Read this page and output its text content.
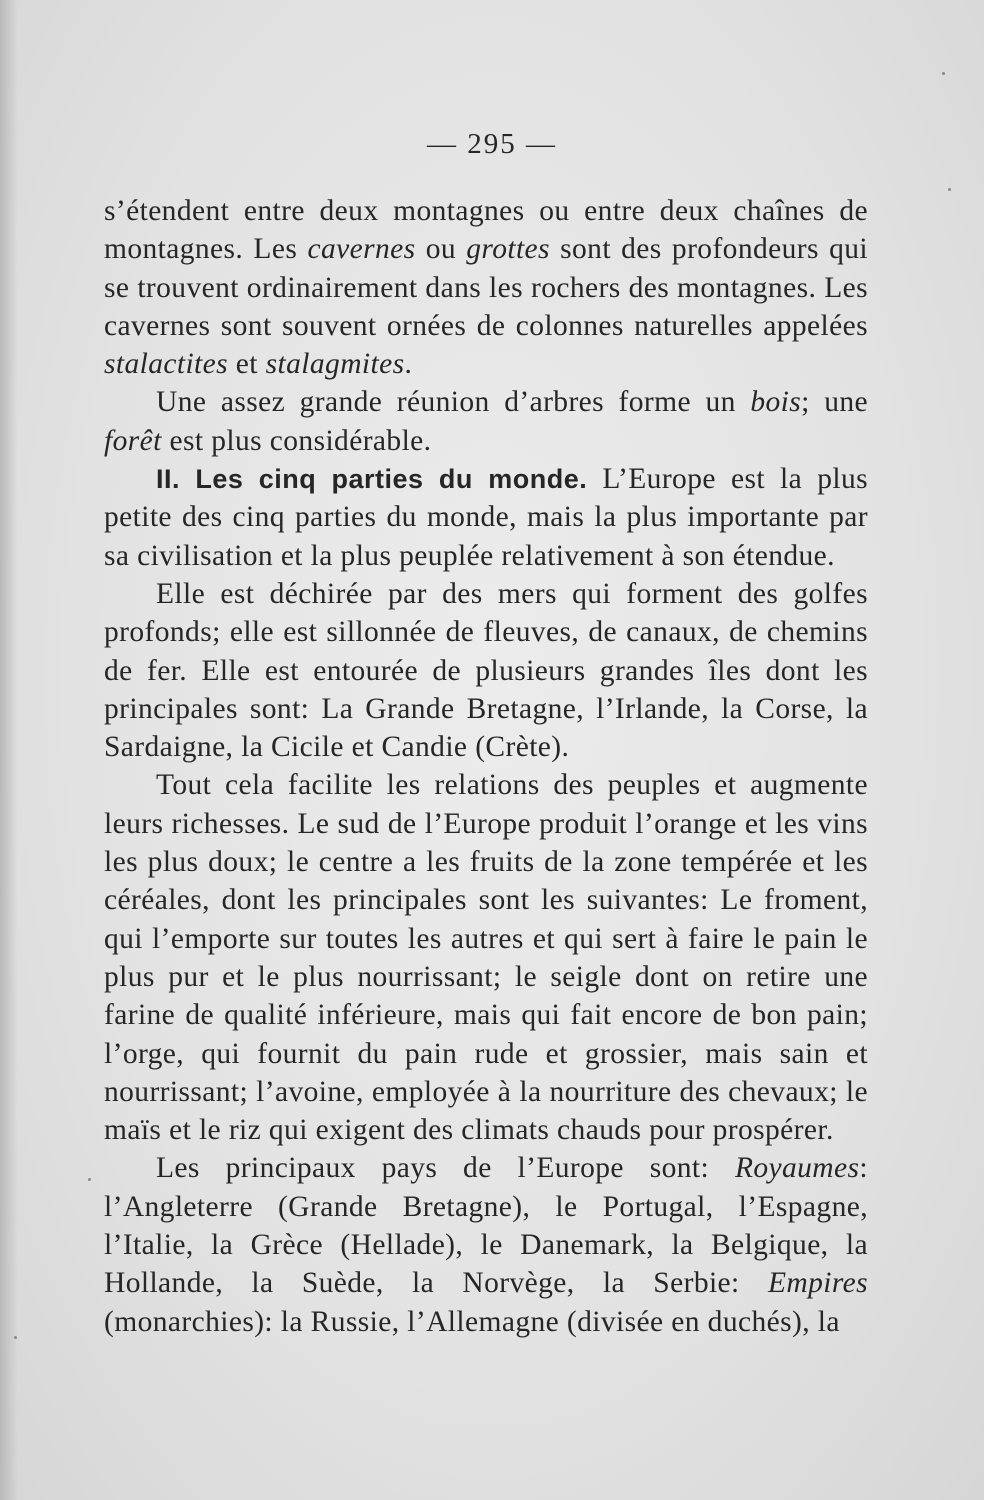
— 295 —

s’étendent entre deux montagnes ou entre deux chaînes de montagnes. Les cavernes ou grottes sont des profondeurs qui se trouvent ordinairement dans les rochers des montagnes. Les cavernes sont souvent ornées de colonnes naturelles appelées stalactites et stalagmites.

Une assez grande réunion d’arbres forme un bois; une forêt est plus considérable.

II. Les cinq parties du monde. L’Europe est la plus petite des cinq parties du monde, mais la plus importante par sa civilisation et la plus peuplée relativement à son étendue.

Elle est déchirée par des mers qui forment des golfes profonds; elle est sillonnée de fleuves, de canaux, de chemins de fer. Elle est entourée de plusieurs grandes îles dont les principales sont: La Grande Bretagne, l’Irlande, la Corse, la Sardaigne, la Cicile et Candie (Crète).

Tout cela facilite les relations des peuples et augmente leurs richesses. Le sud de l’Europe produit l’orange et les vins les plus doux; le centre a les fruits de la zone tempérée et les céréales, dont les principales sont les suivantes: Le froment, qui l’emporte sur toutes les autres et qui sert à faire le pain le plus pur et le plus nourrissant; le seigle dont on retire une farine de qualité inférieure, mais qui fait encore de bon pain; l’orge, qui fournit du pain rude et grossier, mais sain et nourrissant; l’avoine, employée à la nourriture des chevaux; le maïs et le riz qui exigent des climats chauds pour prospérer.

Les principaux pays de l’Europe sont: Royaumes: l’Angleterre (Grande Bretagne), le Portugal, l’Espagne, l’Italie, la Grèce (Hellade), le Danemark, la Belgique, la Hollande, la Suède, la Norvège, la Serbie: Empires (monarchies): la Russie, l’Allemagne (divisée en duchés), la
